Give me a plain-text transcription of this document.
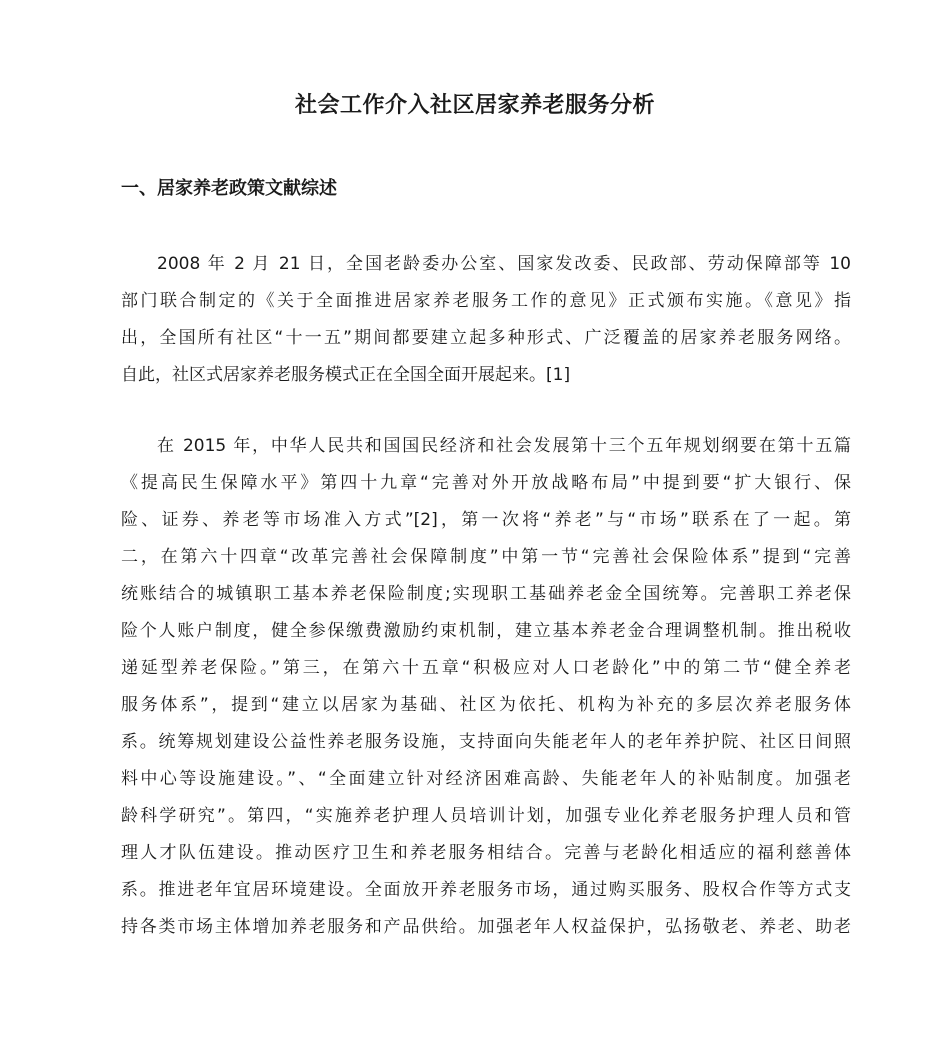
社会工作介入社区居家养老服务分析
一、居家养老政策文献综述

2008 年 2 月 21 日，全国老龄委办公室、国家发改委、民政部、劳动保障部等 10
部门联合制定的《关于全面推进居家养老服务工作的意见》正式颁布实施。《意见》指
出，全国所有社区“十一五”期间都要建立起多种形式、广泛覆盖的居家养老服务网络。
自此，社区式居家养老服务模式正在全国全面开展起来。[1]

在 2015 年，中华人民共和国国民经济和社会发展第十三个五年规划纲要在第十五篇
《提高民生保障水平》第四十九章“完善对外开放战略布局”中提到要“扩大银行、保
险、证券、养老等市场准入方式”[2]，第一次将“养老”与“市场”联系在了一起。第
二，在第六十四章“改革完善社会保障制度”中第一节“完善社会保险体系”提到“完善
统账结合的城镇职工基本养老保险制度;实现职工基础养老金全国统筹。完善职工养老保
险个人账户制度，健全参保缴费激励约束机制，建立基本养老金合理调整机制。推出税收
递延型养老保险。”第三，在第六十五章“积极应对人口老龄化”中的第二节“健全养老
服务体系”，提到“建立以居家为基础、社区为依托、机构为补充的多层次养老服务体
系。统筹规划建设公益性养老服务设施，支持面向失能老年人的老年养护院、社区日间照
料中心等设施建设。”、“全面建立针对经济困难高龄、失能老年人的补贴制度。加强老
龄科学研究”。第四，“实施养老护理人员培训计划，加强专业化养老服务护理人员和管
理人才队伍建设。推动医疗卫生和养老服务相结合。完善与老龄化相适应的福利慈善体
系。推进老年宜居环境建设。全面放开养老服务市场，通过购买服务、股权合作等方式支
持各类市场主体增加养老服务和产品供给。加强老年人权益保护，弘扬敬老、养老、助老
